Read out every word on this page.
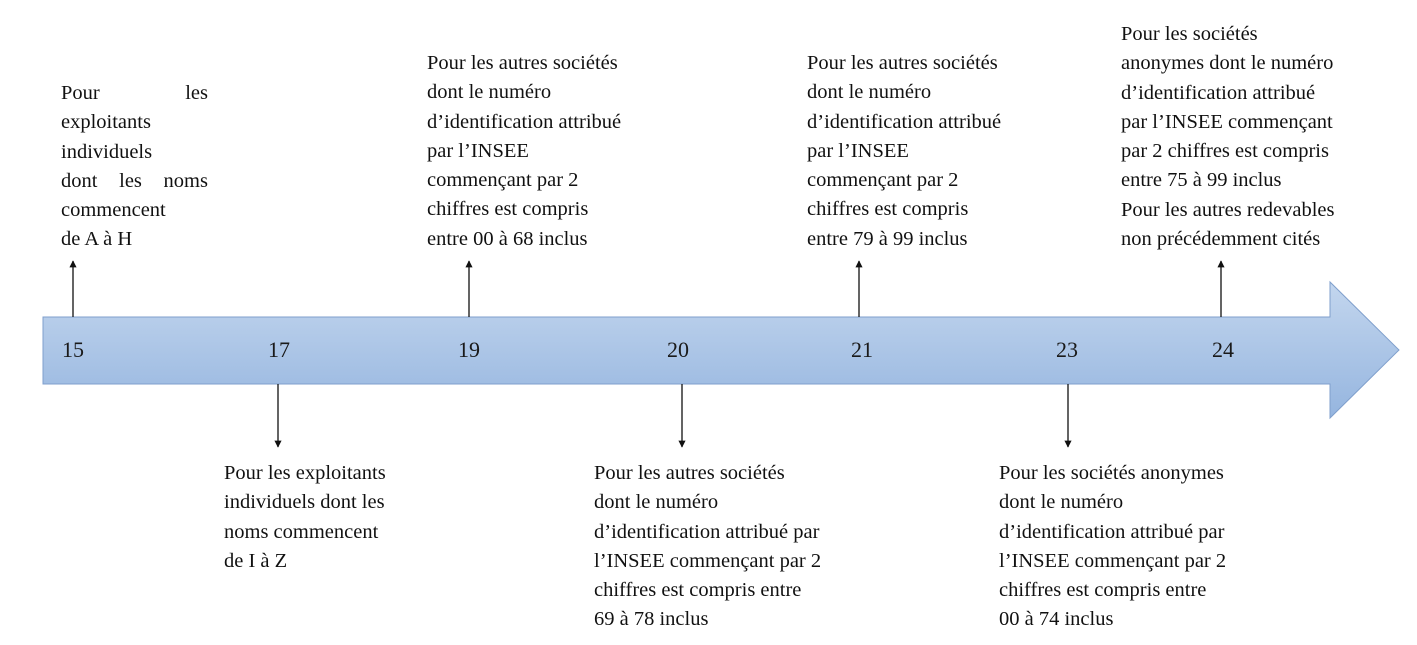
15	17	19	20	21	23	24
Pour les
exploitants
individuels
dont les noms
commencent
de A à H
Pour les exploitants
individuels dont les
noms commencent
de I à Z
Pour les autres sociétés
dont le numéro
d’identification attribué
par l’INSEE
commençant par 2
chiffres est compris
entre 00 à 68 inclus
Pour les autres sociétés
dont le numéro
d’identification attribué par
l’INSEE commençant par 2
chiffres est compris entre
69 à 78 inclus
Pour les autres sociétés
dont le numéro
d’identification attribué
par l’INSEE
commençant par 2
chiffres est compris
entre 79 à 99 inclus
Pour les sociétés anonymes
dont le numéro
d’identification attribué par
l’INSEE commençant par 2
chiffres est compris entre
00 à 74 inclus
Pour les sociétés
anonymes dont le numéro
d’identification attribué
par l’INSEE commençant
par 2 chiffres est compris
entre 75 à 99 inclus
Pour les autres redevables
non précédemment cités
